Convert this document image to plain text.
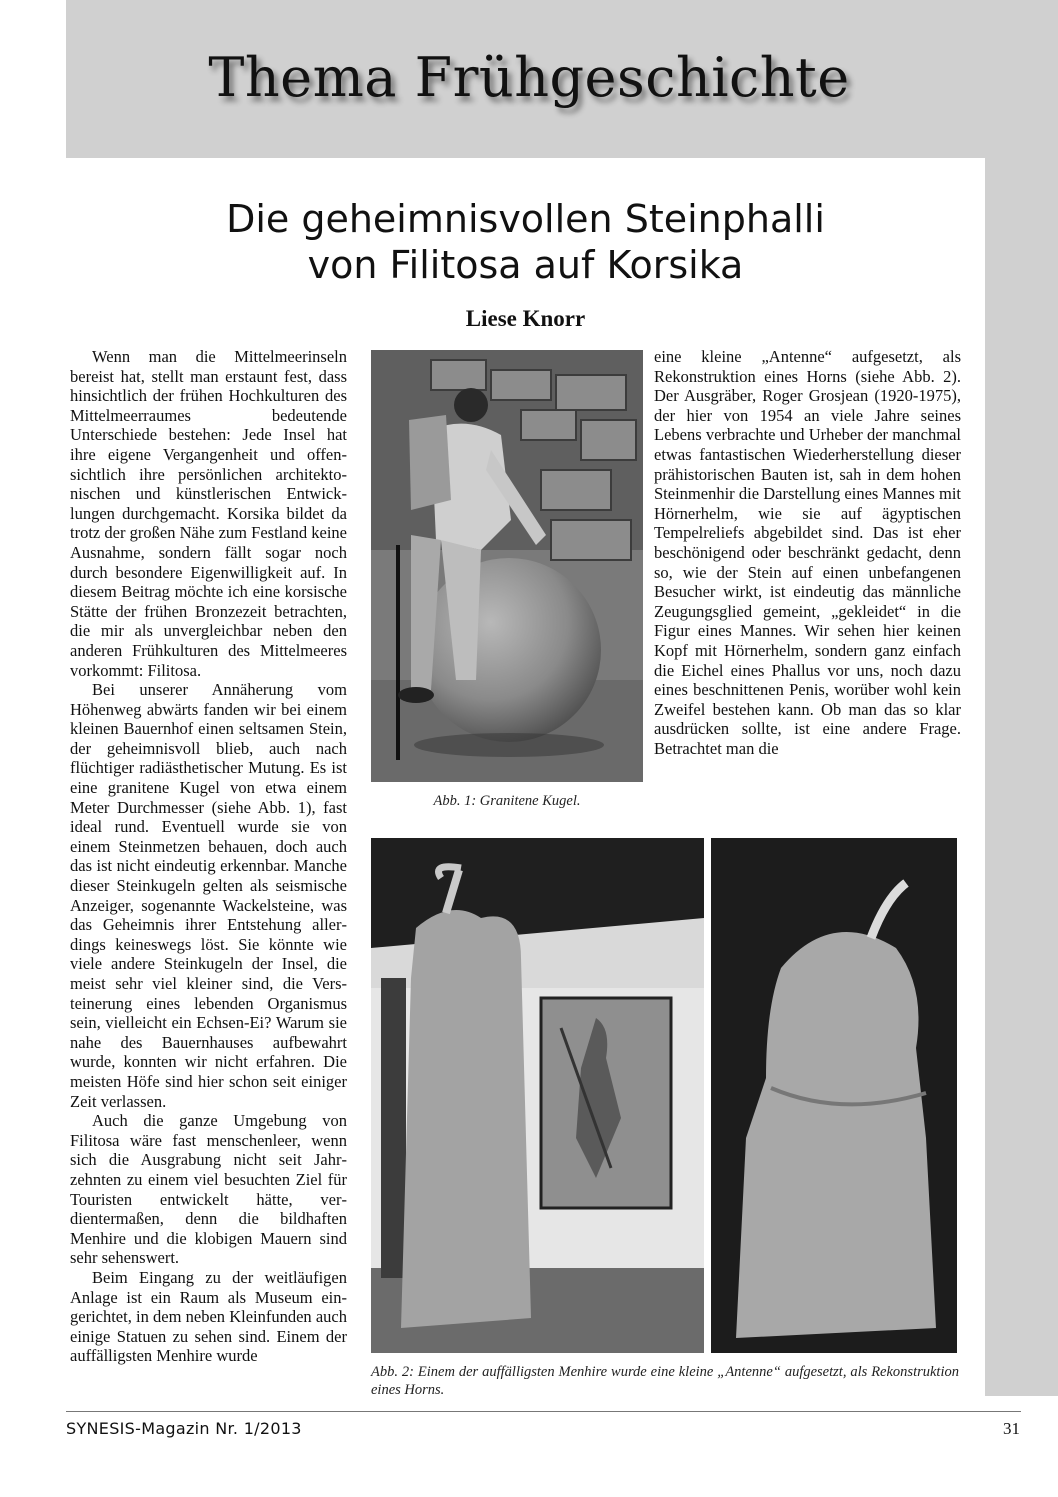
Thema Frühgeschichte
Die geheimnisvollen Steinphalli
von Filitosa auf Korsika
Liese Knorr

Wenn man die Mittelmeerinseln bereist hat, stellt man erstaunt fest, dass hinsichtlich der frühen Hochkulturen des Mittelmeerraumes bedeutende Unterschiede bestehen: Jede Insel hat ihre eigene Vergangenheit und offensichtlich ihre persönlichen architektonischen und künstlerischen Entwicklungen durchgemacht. Korsika bildet da trotz der großen Nähe zum Festland keine Ausnahme, sondern fällt sogar noch durch besondere Eigenwilligkeit auf. In diesem Beitrag möchte ich eine korsische Stätte der frühen Bronzezeit betrachten, die mir als unvergleichbar neben den anderen Frühkulturen des Mittelmeeres vorkommt: Filitosa.

Bei unserer Annäherung vom Höhenweg abwärts fanden wir bei einem kleinen Bauernhof einen seltsamen Stein, der geheimnisvoll blieb, auch nach flüchtiger radiästhetischer Mutung. Es ist eine granitene Kugel von etwa einem Meter Durchmesser (siehe Abb. 1), fast ideal rund. Eventuell wurde sie von einem Steinmetzen behauen, doch auch das ist nicht eindeutig erkennbar. Manche dieser Steinkugeln gelten als seismische Anzeiger, sogenannte Wackelsteine, was das Geheimnis ihrer Entstehung allerdings keineswegs löst. Sie könnte wie viele andere Steinkugeln der Insel, die meist sehr viel kleiner sind, die Versteinerung eines lebenden Organismus sein, vielleicht ein Echsen-Ei? Warum sie nahe des Bauernhauses aufbewahrt wurde, konnten wir nicht erfahren. Die meisten Höfe sind hier schon seit einiger Zeit verlassen.

Auch die ganze Umgebung von Filitosa wäre fast menschenleer, wenn sich die Ausgrabung nicht seit Jahrzehnten zu einem viel besuchten Ziel für Touristen entwickelt hätte, verdientermaßen, denn die bildhaften Menhire und die klobigen Mauern sind sehr sehenswert.

Beim Eingang zu der weitläufigen Anlage ist ein Raum als Museum eingerichtet, in dem neben Kleinfunden auch einige Statuen zu sehen sind. Einem der auffälligsten Menhire wurde

Abb. 1: Granitene Kugel.

eine kleine „Antenne“ aufgesetzt, als Rekonstruktion eines Horns (siehe Abb. 2). Der Ausgräber, Roger Grosjean (1920-1975), der hier von 1954 an viele Jahre seines Lebens verbrachte und Urheber der manchmal etwas fantastischen Wiederherstellung dieser prähistorischen Bauten ist, sah in dem hohen Steinmenhir die Darstellung eines Mannes mit Hörnerhelm, wie sie auf ägyptischen Tempelreliefs abgebildet sind. Das ist eher beschönigend oder beschränkt gedacht, denn so, wie der Stein auf einen unbefangenen Besucher wirkt, ist eindeutig das männliche Zeugungsglied gemeint, „gekleidet“ in die Figur eines Mannes. Wir sehen hier keinen Kopf mit Hörnerhelm, sondern ganz einfach die Eichel eines Phallus vor uns, noch dazu eines beschnittenen Penis, worüber wohl kein Zweifel bestehen kann. Ob man das so klar ausdrücken sollte, ist eine andere Frage. Betrachtet man die

Abb. 2: Einem der auffälligsten Menhire wurde eine kleine „Antenne“ aufgesetzt, als Rekonstruktion eines Horns.
SYNESIS-Magazin Nr. 1/2013	31
